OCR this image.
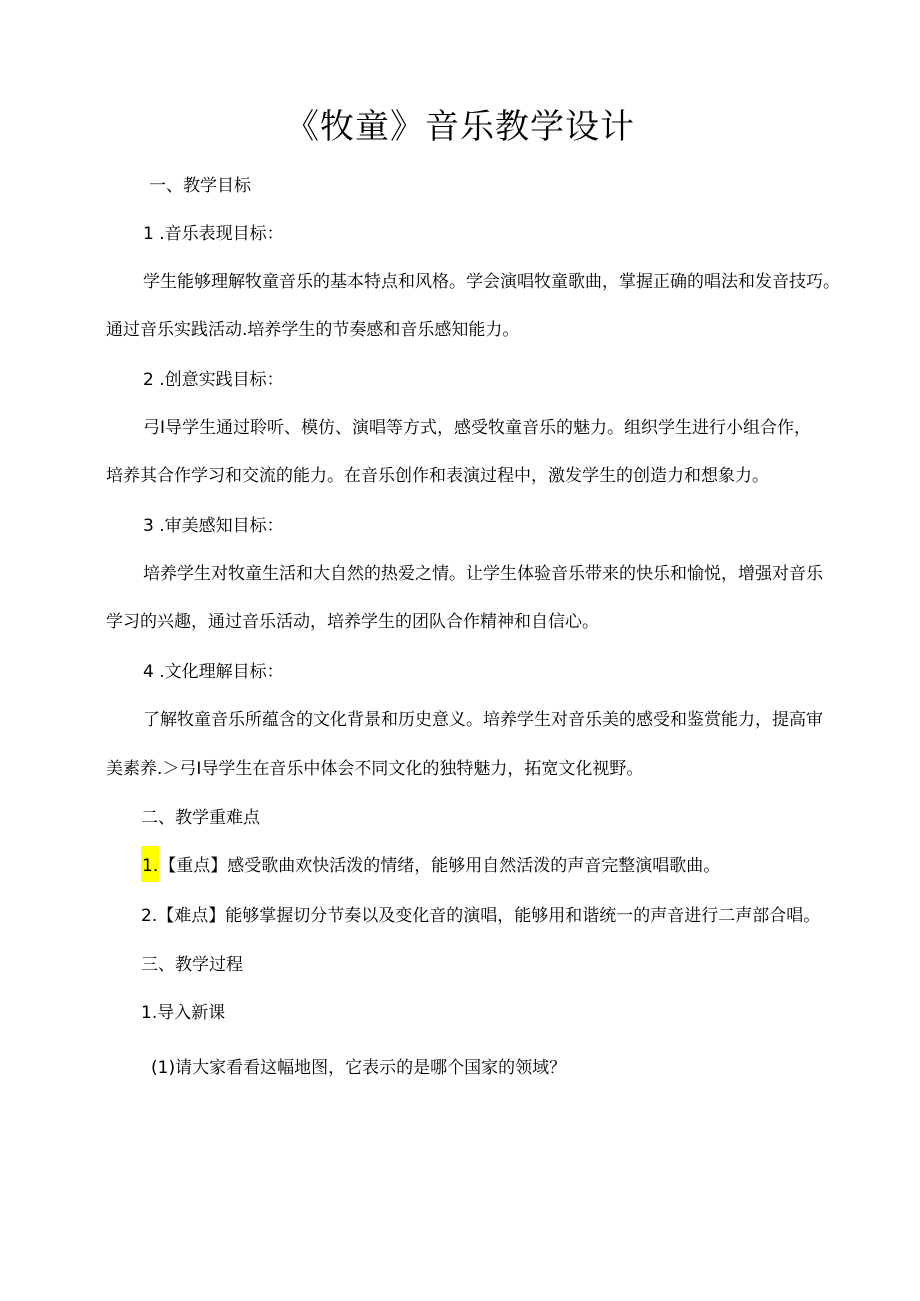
《牧童》音乐教学设计
一、教学目标
1 .音乐表现目标：
学生能够理解牧童音乐的基本特点和风格。学会演唱牧童歌曲，掌握正确的唱法和发音技巧。
通过音乐实践活动.培养学生的节奏感和音乐感知能力。
2 .创意实践目标：
弓I导学生通过聆听、模仿、演唱等方式，感受牧童音乐的魅力。组织学生进行小组合作，
培养其合作学习和交流的能力。在音乐创作和表演过程中，激发学生的创造力和想象力。
3 .审美感知目标：
培养学生对牧童生活和大自然的热爱之情。让学生体验音乐带来的快乐和愉悦，增强对音乐
学习的兴趣，通过音乐活动，培养学生的团队合作精神和自信心。
4 .文化理解目标：
了解牧童音乐所蕴含的文化背景和历史意义。培养学生对音乐美的感受和鉴赏能力，提高审
美素养.＞弓I导学生在音乐中体会不同文化的独特魅力，拓宽文化视野。
二、教学重难点
1.【重点】感受歌曲欢快活泼的情绪，能够用自然活泼的声音完整演唱歌曲。
2.【难点】能够掌握切分节奏以及变化音的演唱，能够用和谐统一的声音进行二声部合唱。
三、教学过程
1.导入新课
(1)请大家看看这幅地图，它表示的是哪个国家的领域？
